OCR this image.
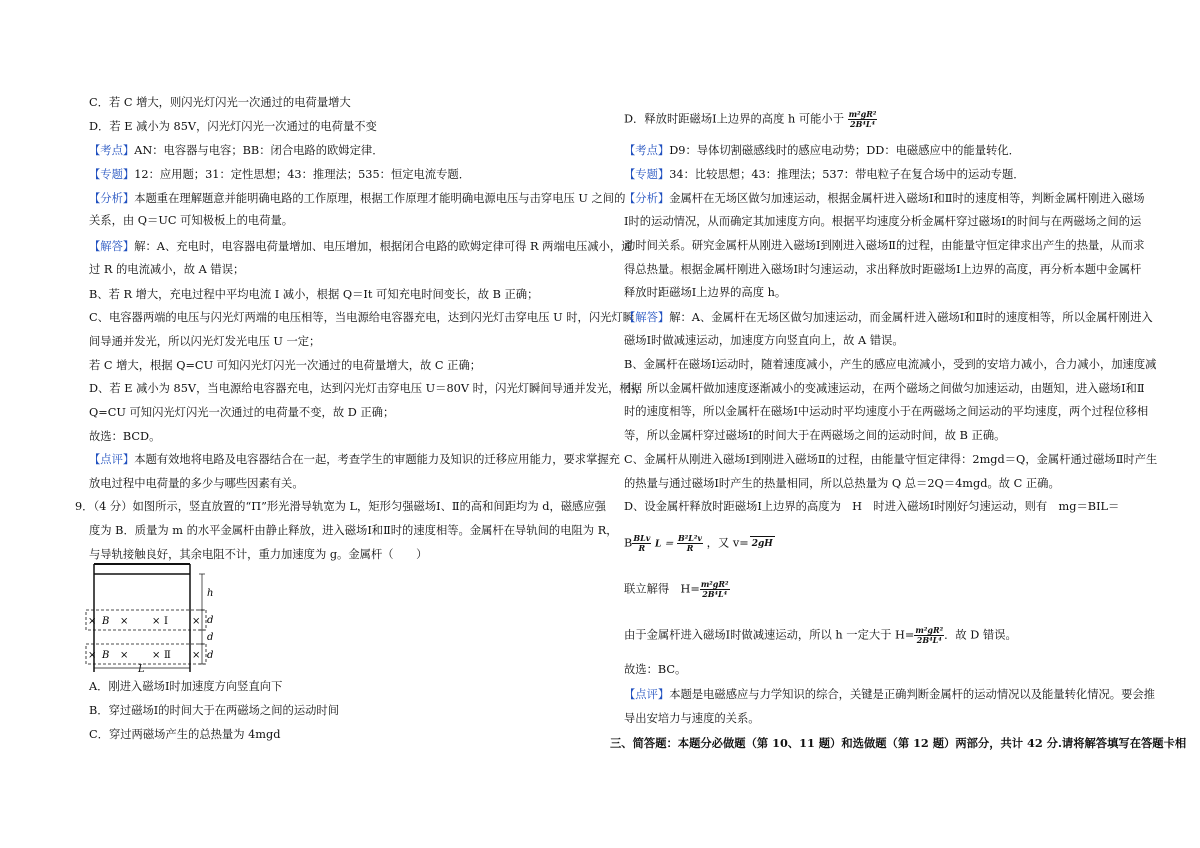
C．若 C 增大，则闪光灯闪光一次通过的电荷量增大
D．若 E 减小为 85V，闪光灯闪光一次通过的电荷量不变
【考点】AN：电容器与电容；BB：闭合电路的欧姆定律．
【专题】12：应用题；31：定性思想；43：推理法；535：恒定电流专题．
【分析】本题重在理解题意并能明确电路的工作原理，根据工作原理才能明确电源电压与击穿电压 U 之间的
关系，由 Q＝UC 可知极板上的电荷量。
【解答】解：A、充电时，电容器电荷量增加、电压增加，根据闭合电路的欧姆定律可得 R 两端电压减小，通
过 R 的电流减小，故 A 错误；
B、若 R 增大，充电过程中平均电流 I 减小，根据 Q＝It 可知充电时间变长，故 B 正确；
C、电容器两端的电压与闪光灯两端的电压相等，当电源给电容器充电，达到闪光灯击穿电压 U 时，闪光灯瞬
间导通并发光，所以闪光灯发光电压 U 一定；
若 C 增大，根据 Q=CU 可知闪光灯闪光一次通过的电荷量增大，故 C 正确；
D、若 E 减小为 85V，当电源给电容器充电，达到闪光灯击穿电压 U＝80V 时，闪光灯瞬间导通并发光，根据
Q=CU 可知闪光灯闪光一次通过的电荷量不变，故 D 正确；
故选：BCD。
【点评】本题有效地将电路及电容器结合在一起，考查学生的审题能力及知识的迁移应用能力，要求掌握充
放电过程中电荷量的多少与哪些因素有关。
9．（4 分）如图所示，竖直放置的“Π”形光滑导轨宽为 L，矩形匀强磁场Ⅰ、Ⅱ的高和间距均为 d，磁感应强
度为 B．质量为 m 的水平金属杆由静止释放，进入磁场Ⅰ和Ⅱ时的速度相等。金属杆在导轨间的电阻为 R，
与导轨接触良好，其余电阻不计，重力加速度为 g。金属杆（　　）
× B × × Ⅰ ×
× B × × Ⅱ ×
h
d
d
d
L
A．刚进入磁场Ⅰ时加速度方向竖直向下
B．穿过磁场Ⅰ的时间大于在两磁场之间的运动时间
C．穿过两磁场产生的总热量为 4mgd
D．释放时距磁场Ⅰ上边界的高度 h 可能小于 $\frac{\text{m²gR²}}{\text{2B⁴L⁴}}$
【考点】D9：导体切割磁感线时的感应电动势；DD：电磁感应中的能量转化．
【专题】34：比较思想；43：推理法；537：带电粒子在复合场中的运动专题．
【分析】金属杆在无场区做匀加速运动，根据金属杆进入磁场Ⅰ和Ⅱ时的速度相等，判断金属杆刚进入磁场
Ⅰ时的运动情况，从而确定其加速度方向。根据平均速度分析金属杆穿过磁场Ⅰ的时间与在两磁场之间的运
动时间关系。研究金属杆从刚进入磁场Ⅰ到刚进入磁场Ⅱ的过程，由能量守恒定律求出产生的热量，从而求
得总热量。根据金属杆刚进入磁场Ⅰ时匀速运动，求出释放时距磁场Ⅰ上边界的高度，再分析本题中金属杆
释放时距磁场Ⅰ上边界的高度 h。
【解答】解：A、金属杆在无场区做匀加速运动，而金属杆进入磁场Ⅰ和Ⅱ时的速度相等，所以金属杆刚进入
磁场Ⅰ时做减速运动，加速度方向竖直向上，故 A 错误。
B、金属杆在磁场Ⅰ运动时，随着速度减小，产生的感应电流减小，受到的安培力减小，合力减小，加速度减
小，所以金属杆做加速度逐渐减小的变减速运动，在两个磁场之间做匀加速运动，由题知，进入磁场Ⅰ和Ⅱ
时的速度相等，所以金属杆在磁场Ⅰ中运动时平均速度小于在两磁场之间运动的平均速度，两个过程位移相
等，所以金属杆穿过磁场Ⅰ的时间大于在两磁场之间的运动时间，故 B 正确。
C、金属杆从刚进入磁场Ⅰ到刚进入磁场Ⅱ的过程，由能量守恒定律得：2mgd＝Q，金属杆通过磁场Ⅱ时产生
的热量与通过磁场Ⅰ时产生的热量相同，所以总热量为 Q 总＝2Q＝4mgd。故 C 正确。
D、设金属杆释放时距磁场Ⅰ上边界的高度为　H　时进入磁场Ⅰ时刚好匀速运动，则有　mg＝BIL＝
B $\frac{\text{BLv}}{R}$ $L = \frac{\text{B²L²v}}{R}$ ，又 v= 2gH
联立解得　$H= \frac{\text{m²gR²}}{\text{2B⁴L⁴}}$
由于金属杆进入磁场Ⅰ时做减速运动，所以 h 一定大于 $H= \frac{\text{m²gR²}}{\text{2B⁴L⁴}}$ ．故 D 错误。
故选：BC。
【点评】本题是电磁感应与力学知识的综合，关键是正确判断金属杆的运动情况以及能量转化情况。要会推
导出安培力与速度的关系。
三、简答题：本题分必做题（第 10、11 题）和选做题（第 12 题）两部分，共计 42 分.请将解答填写在答题卡相
